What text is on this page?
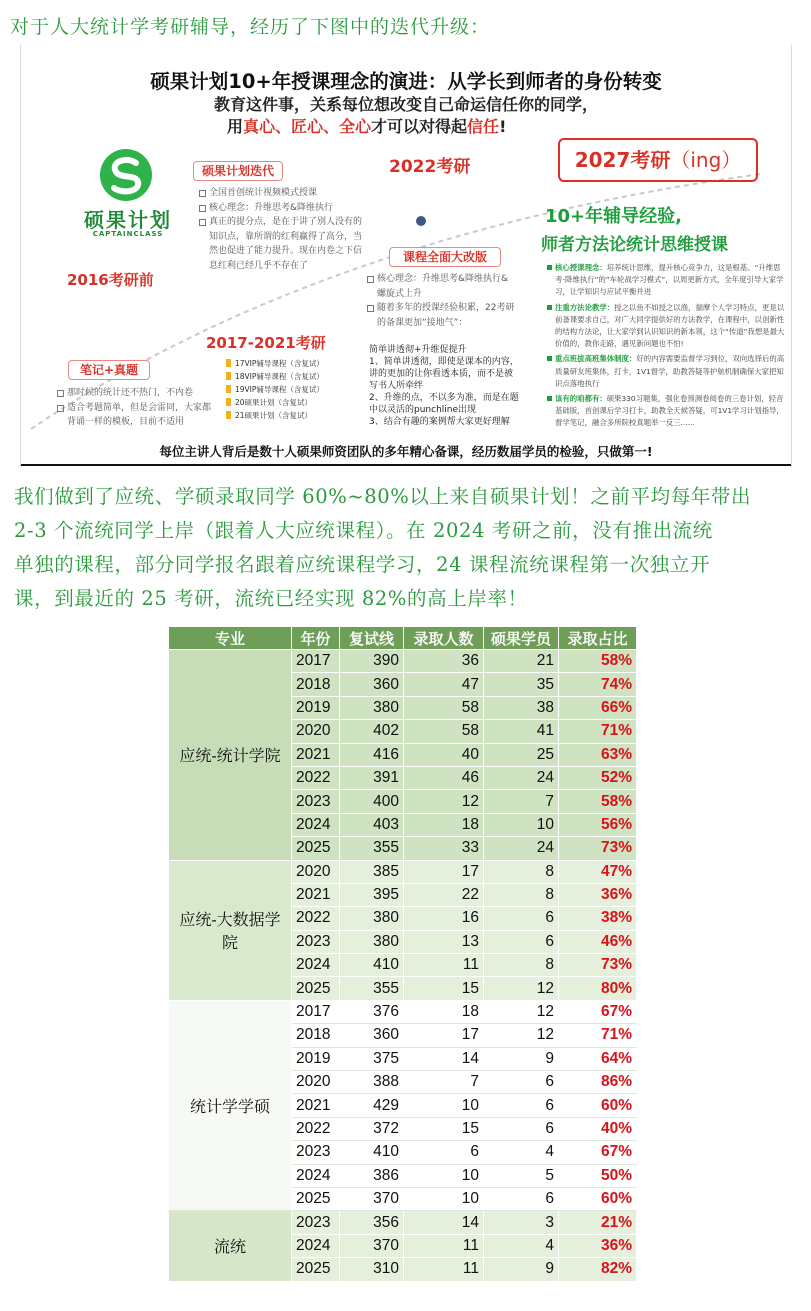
对于人大统计学考研辅导，经历了下图中的迭代升级：
硕果计划10+年授课理念的演进：从学长到师者的身份转变
教育这件事，关系每位想改变自己命运信任你的同学，
用真心、匠心、全心才可以对得起信任!
硕果计划
CAPTAINCLASS
硕果计划迭代
全国首创统计视频模式授课
核心理念：升维思考&降维执行
真正的提分点，是在于讲了别人没有的知识点，靠所谓的红利赢得了高分，当然也促进了能力提升。现在内卷之下信息红利已经几乎不存在了
2016考研前
2017-2021考研
2022考研	2027考研（ing）
10+年辅导经验,
师者方法论统计思维授课
笔记+真题
那时候的统计还不热门，不内卷
适合考题简单，但是会雷同，大家都背诵一样的模板，目前不适用
17VIP辅导课程（含复试）
18VIP辅导课程（含复试）
19VIP辅导课程（含复试）
20硕果计划（含复试）
21硕果计划（含复试）
课程全面大改版
核心理念：升维思考&降维执行&螺旋式上升
随着多年的授课经验积累，22考研的备课更加“接地气”：
简单讲透彻+升维促提升
1、简单讲透彻，即使是课本的内容，讲的更加的让你看透本质，而不是被写书人所牵绊
2、升维的点，不以多为准，而是在题中以灵活的punchline出现
3、结合有趣的案例帮大家更好理解
核心授课理念：培养统计思维，提升核心竞争力，这是根基。“升维思考-降维执行”的“车轮战学习模式”，以周更新方式，全年度引导大家学习，让学知识与应试平衡并进
注重方法论教学：授之以鱼不如授之以渔，揣摩个人学习特点，更是以前备课要求自己，对广大同学提供好的方法教学，在课程中，以创新性的结构方法论，让大家学到认识知识的新本领，这个“传道”我想是最大价值的，教你走路，遇见新问题也不怕!
重点班拔高班集体制度：好的内容需要监督学习到位，双向选择后的高质量研友班集体，打卡，1V1督学，助教答疑等护航机制确保大家把知识点落地执行
该有的咱都有：硕果330习题集，强化卷预测卷阅卷的三卷计划，轻音基础版，首创课后学习打卡，助教全天候答疑，可1V1学习计划指导，督学笔记，融合多所院校真题举一反三......
每位主讲人背后是数十人硕果师资团队的多年精心备课，经历数届学员的检验，只做第一!

我们做到了应统、学硕录取同学 60%~80%以上来自硕果计划！之前平均每年带出

2-3 个流统同学上岸（跟着人大应统课程）。在 2024 考研之前，没有推出流统

单独的课程，部分同学报名跟着应统课程学习，24 课程流统课程第一次独立开

课，到最近的 25 考研，流统已经实现 82%的高上岸率！

专业	年份	复试线	录取人数	硕果学员	录取占比
应统-统计学院	2017	390	36	21	58%
	2018	360	47	35	74%
	2019	380	58	38	66%
	2020	402	58	41	71%
	2021	416	40	25	63%
	2022	391	46	24	52%
	2023	400	12	7	58%
	2024	403	18	10	56%
	2025	355	33	24	73%
应统-大数据学院	2020	385	17	8	47%
	2021	395	22	8	36%
	2022	380	16	6	38%
	2023	380	13	6	46%
	2024	410	11	8	73%
	2025	355	15	12	80%
统计学学硕	2017	376	18	12	67%
	2018	360	17	12	71%
	2019	375	14	9	64%
	2020	388	7	6	86%
	2021	429	10	6	60%
	2022	372	15	6	40%
	2023	410	6	4	67%
	2024	386	10	5	50%
	2025	370	10	6	60%
流统	2023	356	14	3	21%
	2024	370	11	4	36%
	2025	310	11	9	82%
